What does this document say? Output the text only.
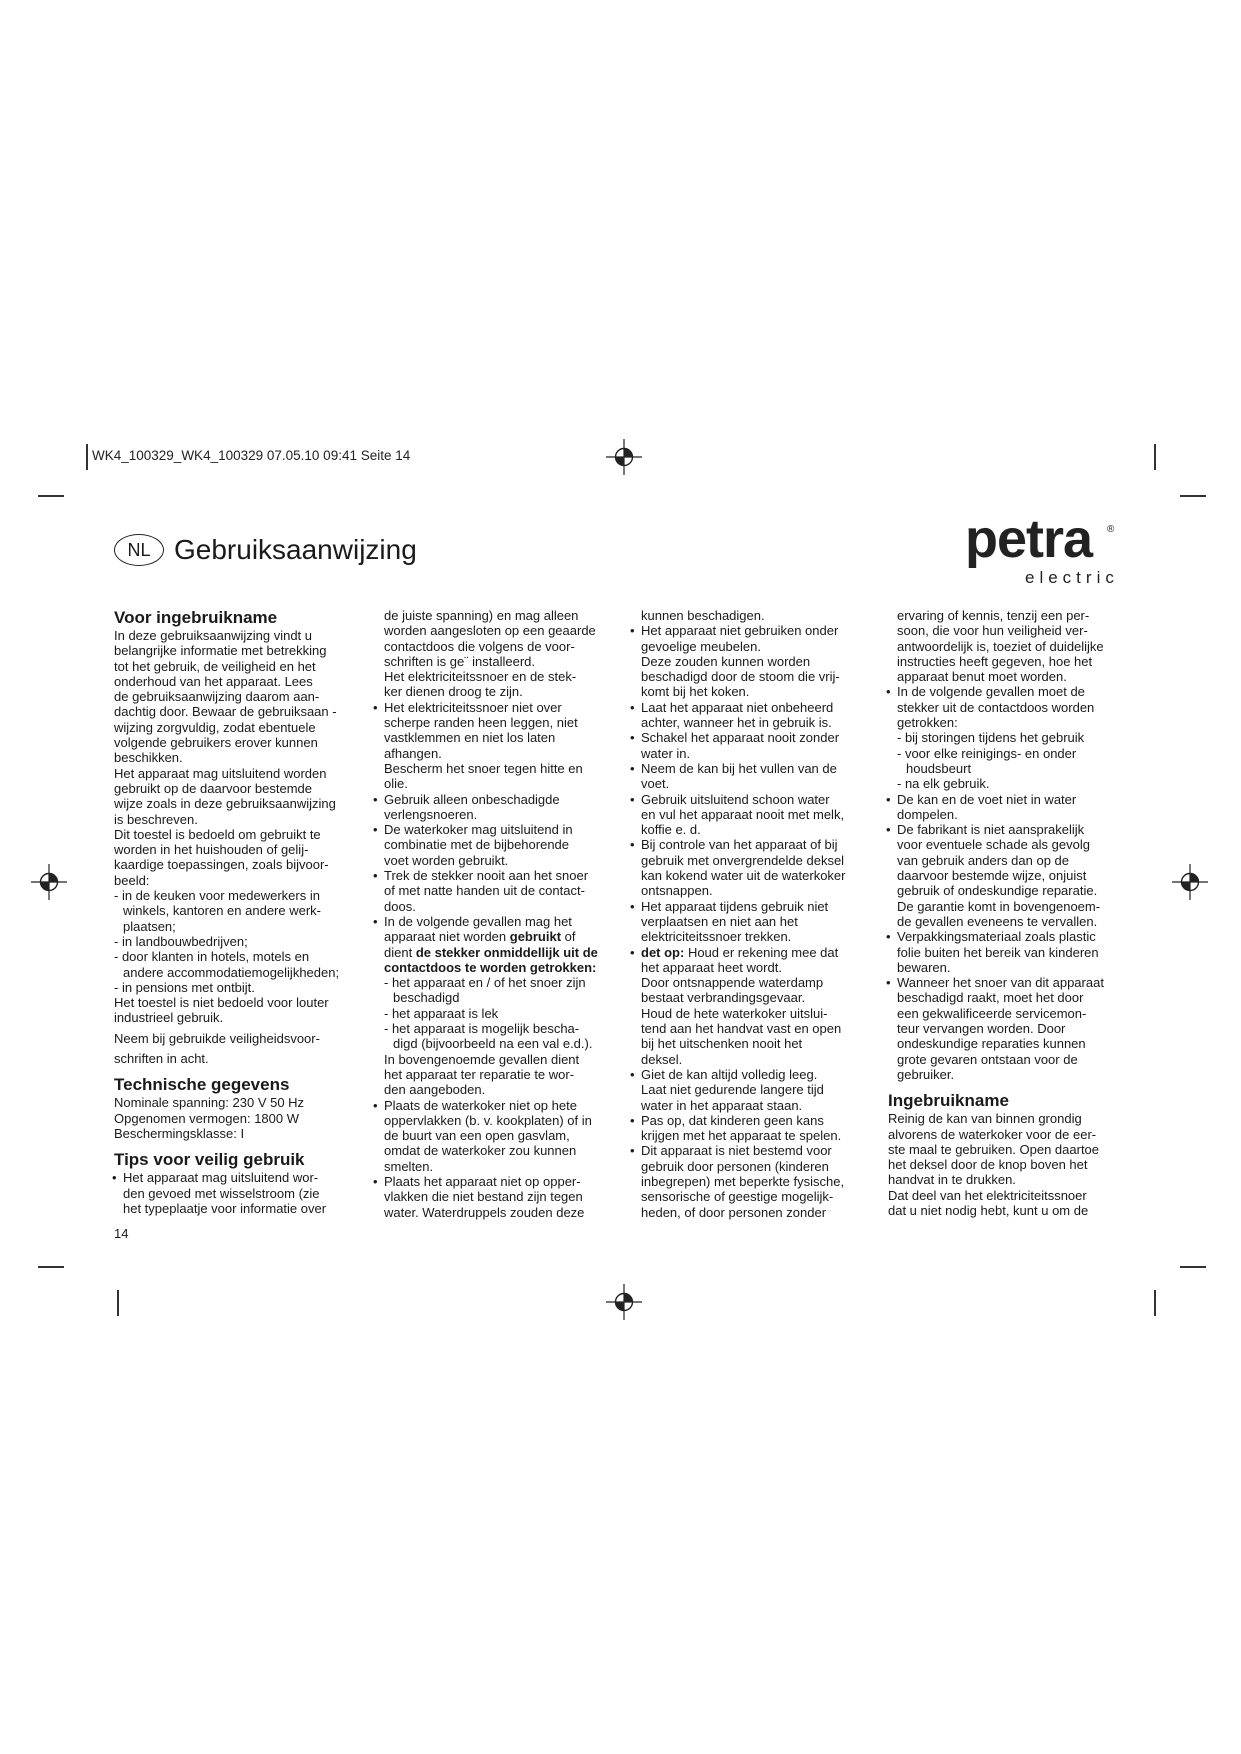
WK4_100329_WK4_100329 07.05.10 09:41 Seite 14
NL Gebruiksaanwijzing	petra ®
electric
Voor ingebruikname

In deze gebruiksaanwijzing vindt u

belangrijke informatie met betrekking

tot het gebruik, de veiligheid en het

onderhoud van het apparaat. Lees

de gebruiksaanwijzing daarom aan-

dachtig door. Bewaar de gebruiksaan -

wijzing zorgvuldig, zodat ebentuele

volgende gebruikers erover kunnen

beschikken.

Het apparaat mag uitsluitend worden

gebruikt op de daarvoor bestemde

wijze zoals in deze gebruiksaanwijzing

is beschreven.

Dit toestel is bedoeld om gebruikt te

worden in het huishouden of gelij-

kaardige toepassingen, zoals bijvoor-

beeld:

- in de keuken voor medewerkers in

winkels, kantoren en andere werk-

plaatsen;

- in landbouwbedrijven;

- door klanten in hotels, motels en

andere accommodatiemogelijkheden;

- in pensions met ontbijt.

Het toestel is niet bedoeld voor louter

industrieel gebruik.

Neem bij gebruikde veiligheidsvoor-

schriften in acht.

Technische gegevens

Nominale spanning: 230 V 50 Hz

Opgenomen vermogen: 1800 W

Beschermingsklasse: I

Tips voor veilig gebruik

• Het apparaat mag uitsluitend wor-

den gevoed met wisselstroom (zie

het typeplaatje voor informatie over

de juiste spanning) en mag alleen

worden aangesloten op een geaarde

contactdoos die volgens de voor-

schriften is ge¨ installeerd.

Het elektriciteitssnoer en de stek-

ker dienen droog te zijn.

• Het elektriciteitssnoer niet over

scherpe randen heen leggen, niet

vastklemmen en niet los laten

afhangen.

Bescherm het snoer tegen hitte en

olie.

• Gebruik alleen onbeschadigde

verlengsnoeren.

• De waterkoker mag uitsluitend in

combinatie met de bijbehorende

voet worden gebruikt.

• Trek de stekker nooit aan het snoer

of met natte handen uit de contact-

doos.

• In de volgende gevallen mag het

apparaat niet worden gebruikt of

dient de stekker onmiddellijk uit de

contactdoos te worden getrokken:

- het apparaat en / of het snoer zijn

beschadigd

- het apparaat is lek

- het apparaat is mogelijk bescha-

digd (bijvoorbeeld na een val e.d.).

In bovengenoemde gevallen dient

het apparaat ter reparatie te wor-

den aangeboden.

• Plaats de waterkoker niet op hete

oppervlakken (b. v. kookplaten) of in

de buurt van een open gasvlam,

omdat de waterkoker zou kunnen

smelten.

• Plaats het apparaat niet op opper-

vlakken die niet bestand zijn tegen

water. Waterdruppels zouden deze

kunnen beschadigen.

• Het apparaat niet gebruiken onder

gevoelige meubelen.

Deze zouden kunnen worden

beschadigd door de stoom die vrij-

komt bij het koken.

• Laat het apparaat niet onbeheerd

achter, wanneer het in gebruik is.

• Schakel het apparaat nooit zonder

water in.

• Neem de kan bij het vullen van de

voet.

• Gebruik uitsluitend schoon water

en vul het apparaat nooit met melk,

koffie e. d.

• Bij controle van het apparaat of bij

gebruik met onvergrendelde deksel

kan kokend water uit de waterkoker

ontsnappen.

• Het apparaat tijdens gebruik niet

verplaatsen en niet aan het

elektriciteitssnoer trekken.

• det op: Houd er rekening mee dat

het apparaat heet wordt.

Door ontsnappende waterdamp

bestaat verbrandingsgevaar.

Houd de hete waterkoker uitslui-

tend aan het handvat vast en open

bij het uitschenken nooit het

deksel.

• Giet de kan altijd volledig leeg.

Laat niet gedurende langere tijd

water in het apparaat staan.

• Pas op, dat kinderen geen kans

krijgen met het apparaat te spelen.

• Dit apparaat is niet bestemd voor

gebruik door personen (kinderen

inbegrepen) met beperkte fysische,

sensorische of geestige mogelijk-

heden, of door personen zonder

ervaring of kennis, tenzij een per-

soon, die voor hun veiligheid ver-

antwoordelijk is, toeziet of duidelijke

instructies heeft gegeven, hoe het

apparaat benut moet worden.

• In de volgende gevallen moet de

stekker uit de contactdoos worden

getrokken:

- bij storingen tijdens het gebruik

- voor elke reinigings- en onder

houdsbeurt

- na elk gebruik.

• De kan en de voet niet in water

dompelen.

• De fabrikant is niet aansprakelijk

voor eventuele schade als gevolg

van gebruik anders dan op de

daarvoor bestemde wijze, onjuist

gebruik of ondeskundige reparatie.

De garantie komt in bovengenoem-

de gevallen eveneens te vervallen.

• Verpakkingsmateriaal zoals plastic

folie buiten het bereik van kinderen

bewaren.

• Wanneer het snoer van dit apparaat

beschadigd raakt, moet het door

een gekwalificeerde servicemon-

teur vervangen worden. Door

ondeskundige reparaties kunnen

grote gevaren ontstaan voor de

gebruiker.

Ingebruikname

Reinig de kan van binnen grondig

alvorens de waterkoker voor de eer-

ste maal te gebruiken. Open daartoe

het deksel door de knop boven het

handvat in te drukken.

Dat deel van het elektriciteitssnoer

dat u niet nodig hebt, kunt u om de

14
